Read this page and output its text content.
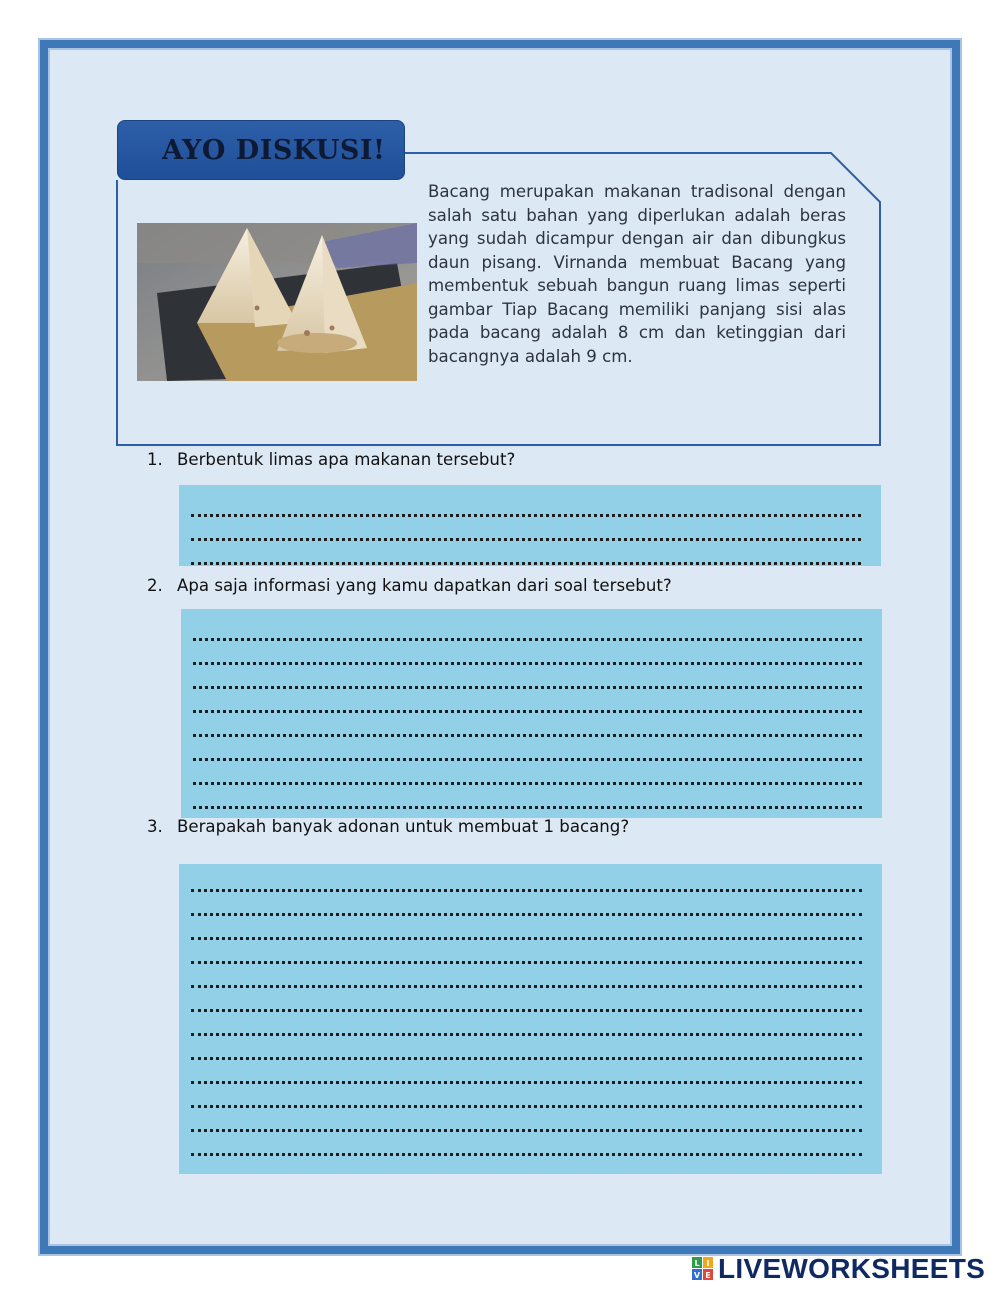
AYO DISKUSI!
Bacang merupakan makanan tradisonal dengan salah satu bahan yang diperlukan adalah beras yang sudah dicampur dengan air dan dibungkus daun pisang. Virnanda membuat Bacang yang membentuk sebuah bangun ruang limas seperti gambar Tiap Bacang memiliki panjang sisi alas pada bacang adalah 8 cm dan ketinggian dari bacangnya adalah 9 cm.
1. Berbentuk limas apa makanan tersebut?
2. Apa saja informasi yang kamu dapatkan dari soal tersebut?
3. Berapakah banyak adonan untuk membuat 1 bacang?
L I
V E LIVEWORKSHEETS
